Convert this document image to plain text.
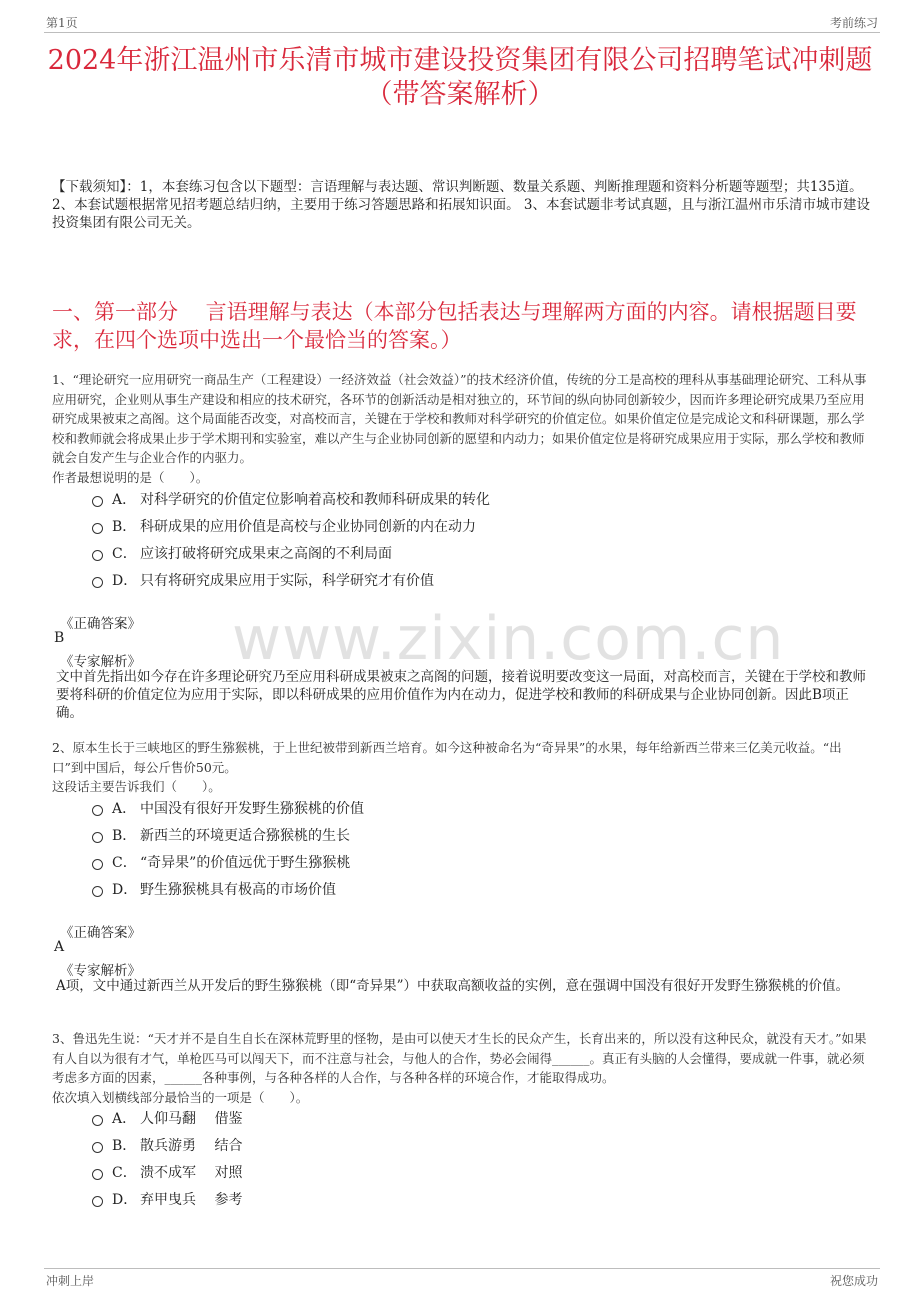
第1页	考前练习
2024年浙江温州市乐清市城市建设投资集团有限公司招聘笔试冲刺题（带答案解析）
【下载须知】：1，本套练习包含以下题型：言语理解与表达题、常识判断题、数量关系题、判断推理题和资料分析题等题型；共135道。 2、本套试题根据常见招考题总结归纳，主要用于练习答题思路和拓展知识面。 3、本套试题非考试真题，且与浙江温州市乐清市城市建设投资集团有限公司无关。
一、第一部分　 言语理解与表达（本部分包括表达与理解两方面的内容。请根据题目要求，在四个选项中选出一个最恰当的答案。）
www.zixin.com.cn
1、“理论研究一应用研究一商品生产（工程建设）一经济效益（社会效益）”的技术经济价值，传统的分工是高校的理科从事基础理论研究、工科从事应用研究，企业则从事生产建设和相应的技术研究，各环节的创新活动是相对独立的，环节间的纵向协同创新较少，因而许多理论研究成果乃至应用研究成果被束之高阁。这个局面能否改变，对高校而言，关键在于学校和教师对科学研究的价值定位。如果价值定位是完成论文和科研课题，那么学校和教师就会将成果止步于学术期刊和实验室，难以产生与企业协同创新的愿望和内动力；如果价值定位是将研究成果应用于实际，那么学校和教师就会自发产生与企业合作的内驱力。
作者最想说明的是（　　）。
A． 对科学研究的价值定位影响着高校和教师科研成果的转化
B． 科研成果的应用价值是高校与企业协同创新的内在动力
C． 应该打破将研究成果束之高阁的不利局面
D． 只有将研究成果应用于实际，科学研究才有价值
《正确答案》
B
《专家解析》
文中首先指出如今存在许多理论研究乃至应用科研成果被束之高阁的问题，接着说明要改变这一局面，对高校而言，关键在于学校和教师要将科研的价值定位为应用于实际，即以科研成果的应用价值作为内在动力，促进学校和教师的科研成果与企业协同创新。因此B项正确。
2、原本生长于三峡地区的野生猕猴桃，于上世纪被带到新西兰培育。如今这种被命名为“奇异果”的水果，每年给新西兰带来三亿美元收益。“出口”到中国后，每公斤售价50元。
这段话主要告诉我们（　　）。
A． 中国没有很好开发野生猕猴桃的价值
B． 新西兰的环境更适合猕猴桃的生长
C． “奇异果”的价值远优于野生猕猴桃
D． 野生猕猴桃具有极高的市场价值
《正确答案》
A
《专家解析》
A项，文中通过新西兰从开发后的野生猕猴桃（即“奇异果”）中获取高额收益的实例，意在强调中国没有很好开发野生猕猴桃的价值。
3、鲁迅先生说：“天才并不是自生自长在深林荒野里的怪物，是由可以使天才生长的民众产生，长育出来的，所以没有这种民众，就没有天才。”如果有人自以为很有才气，单枪匹马可以闯天下，而不注意与社会，与他人的合作，势必会闹得______。真正有头脑的人会懂得，要成就一件事，就必须考虑多方面的因素，______各种事例，与各种各样的人合作，与各种各样的环境合作，才能取得成功。
依次填入划横线部分最恰当的一项是（　　）。
A． 人仰马翻　 借鉴
B． 散兵游勇　 结合
C． 溃不成军　 对照
D． 弃甲曳兵　 参考
冲刺上岸	祝您成功
